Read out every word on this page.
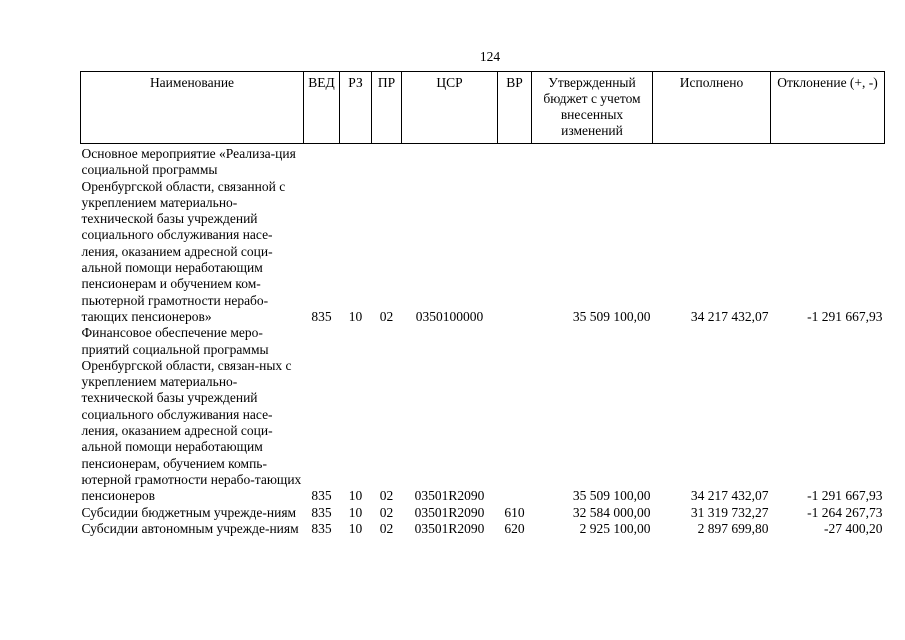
124
Наименование	ВЕД	РЗ	ПР	ЦСР	ВР	Утвержденный бюджет с учетом внесенных изменений	Исполнено	Отклонение (+, -)
Основное мероприятие «Реализа-ция социальной программы Оренбургской области, связанной с укреплением материально-технической базы учреждений социального обслуживания насе-ления, оказанием адресной соци-альной помощи неработающим пенсионерам и обучением ком-пьютерной грамотности нерабо-тающих пенсионеров»	835	10	02	0350100000		35 509 100,00	34 217 432,07	-1 291 667,93
Финансовое обеспечение меро-приятий социальной программы Оренбургской области, связан-ных с укреплением материально-технической базы учреждений социального обслуживания насе-ления, оказанием адресной соци-альной помощи неработающим пенсионерам, обучением компь-ютерной грамотности нерабо-тающих пенсионеров	835	10	02	03501R2090		35 509 100,00	34 217 432,07	-1 291 667,93
Субсидии бюджетным учрежде-ниям	835	10	02	03501R2090	610	32 584 000,00	31 319 732,27	-1 264 267,73
Субсидии автономным учрежде-ниям	835	10	02	03501R2090	620	2 925 100,00	2 897 699,80	-27 400,20
